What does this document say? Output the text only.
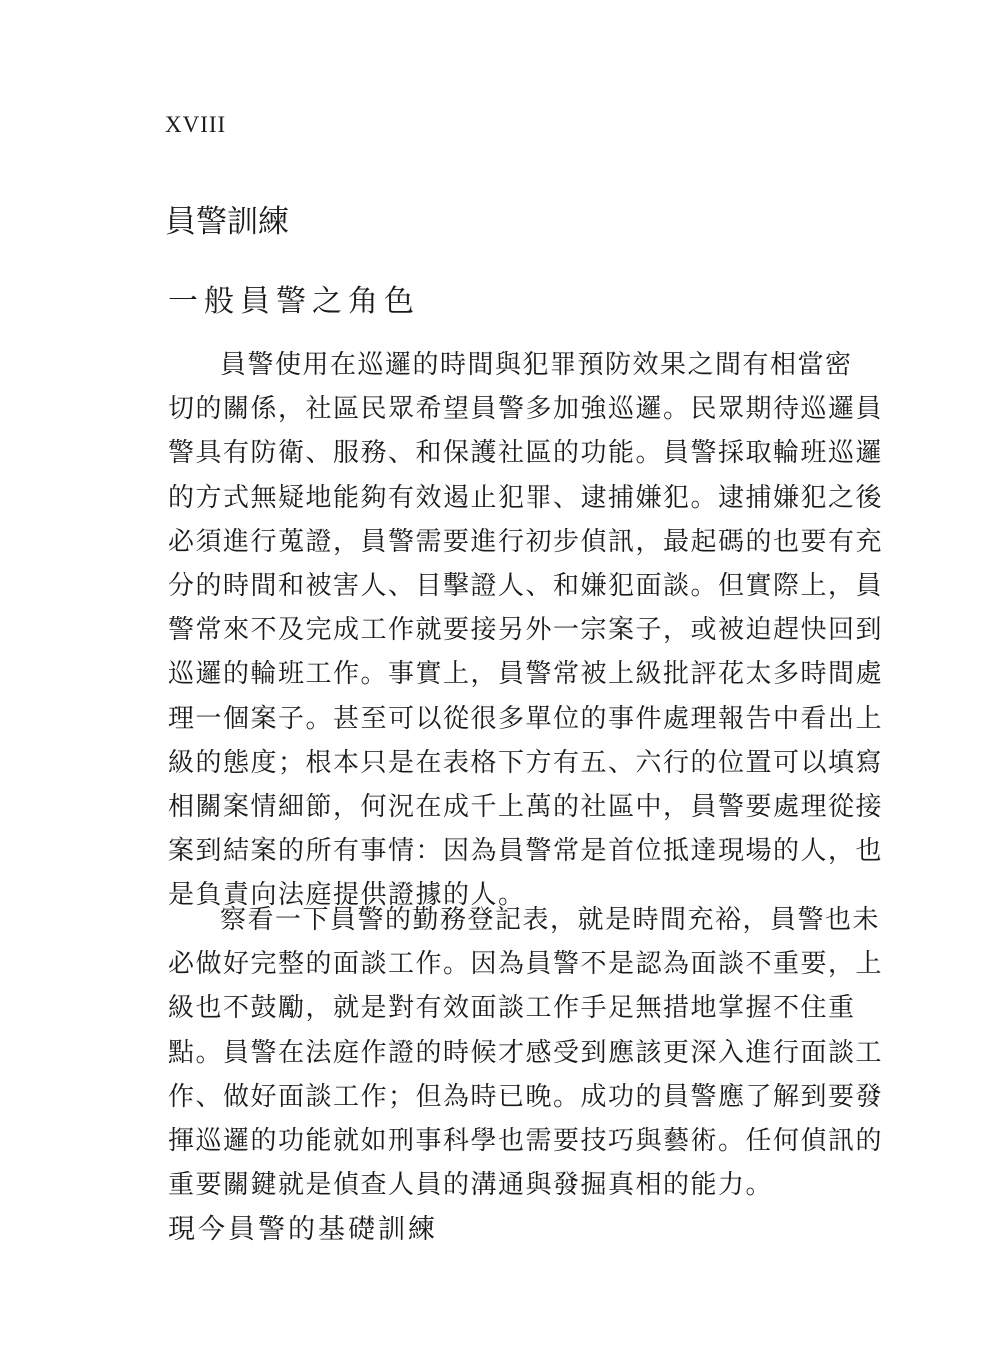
XVIII
員警訓練
一般員警之角色
員警使用在巡邏的時間與犯罪預防效果之間有相當密
切的關係，社區民眾希望員警多加強巡邏。民眾期待巡邏員
警具有防衛、服務、和保護社區的功能。員警採取輪班巡邏
的方式無疑地能夠有效遏止犯罪、逮捕嫌犯。逮捕嫌犯之後
必須進行蒐證，員警需要進行初步偵訊，最起碼的也要有充
分的時間和被害人、目擊證人、和嫌犯面談。但實際上，員
警常來不及完成工作就要接另外一宗案子，或被迫趕快回到
巡邏的輪班工作。事實上，員警常被上級批評花太多時間處
理一個案子。甚至可以從很多單位的事件處理報告中看出上
級的態度；根本只是在表格下方有五、六行的位置可以填寫
相關案情細節，何況在成千上萬的社區中，員警要處理從接
案到結案的所有事情：因為員警常是首位抵達現場的人，也
是負責向法庭提供證據的人。
察看一下員警的勤務登記表，就是時間充裕，員警也未
必做好完整的面談工作。因為員警不是認為面談不重要，上
級也不鼓勵，就是對有效面談工作手足無措地掌握不住重
點。員警在法庭作證的時候才感受到應該更深入進行面談工
作、做好面談工作；但為時已晚。成功的員警應了解到要發
揮巡邏的功能就如刑事科學也需要技巧與藝術。任何偵訊的
重要關鍵就是偵查人員的溝通與發掘真相的能力。
現今員警的基礎訓練
